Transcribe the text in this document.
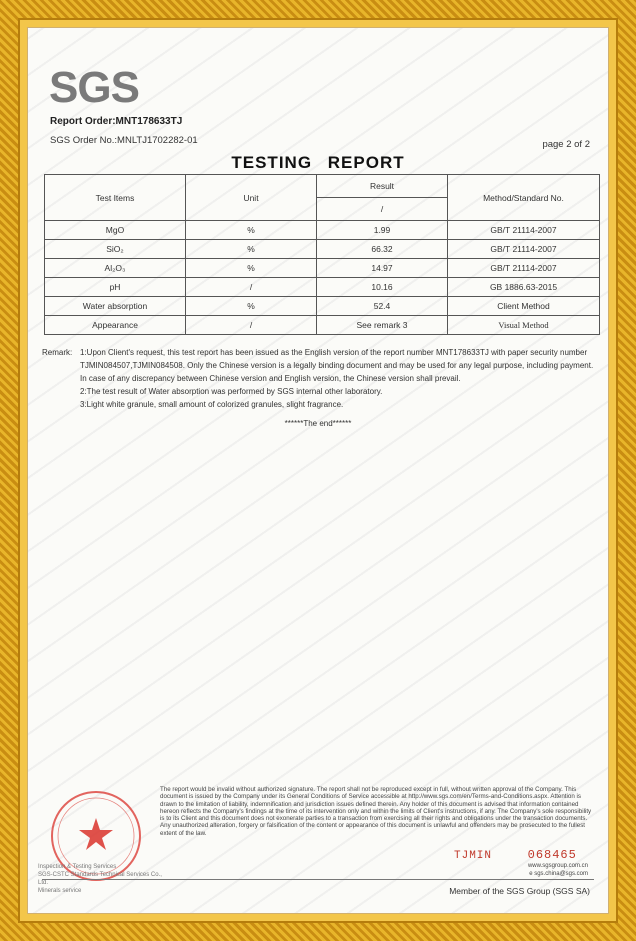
SGS
Report Order:MNT178633TJ
SGS Order No.:MNLTJ1702282-01	page 2 of 2
TESTING REPORT
Test Items	Unit	Result	Method/Standard No.
		/	
MgO	%	1.99	GB/T 21114-2007
SiO₂	%	66.32	GB/T 21114-2007
Al₂O₃	%	14.97	GB/T 21114-2007
pH	/	10.16	GB 1886.63-2015
Water absorption	%	52.4	Client Method
Appearance	/	See remark 3	Visual Method
Remark: 1:Upon Client's request, this test report has been issued as the English version of the report number MNT178633TJ with paper security number TJMIN084507,TJMIN084508. Only the Chinese version is a legally binding document and may be used for any legal purpose, including payment. In case of any discrepancy between Chinese version and English version, the Chinese version shall prevail.
2:The test result of Water absorption was performed by SGS internal other laboratory.
3:Light white granule, small amount of colorized granules, slight fragrance.
******The end******
Inspection & Testing Services
SGS-CSTC Standards Technical Services Co., Ltd.
Minerals service
The report would be invalid without authorized signature. The report shall not be reproduced except in full, without written approval of the Company. This document is issued by the Company under its General Conditions of Service accessible at http://www.sgs.com/en/Terms-and-Conditions.aspx. Attention is drawn to the limitation of liability, indemnification and jurisdiction issues defined therein. Any holder of this document is advised that information contained hereon reflects the Company's findings at the time of its intervention only and within the limits of Client's instructions, if any. The Company's sole responsibility is to its Client and this document does not exonerate parties to a transaction from exercising all their rights and obligations under the transaction documents. Any unauthorized alteration, forgery or falsification of the content or appearance of this document is unlawful and offenders may be prosecuted to the fullest extent of the law.
TJMIN	068465
www.sgsgroup.com.cn
e sgs.china@sgs.com
Member of the SGS Group (SGS SA)
